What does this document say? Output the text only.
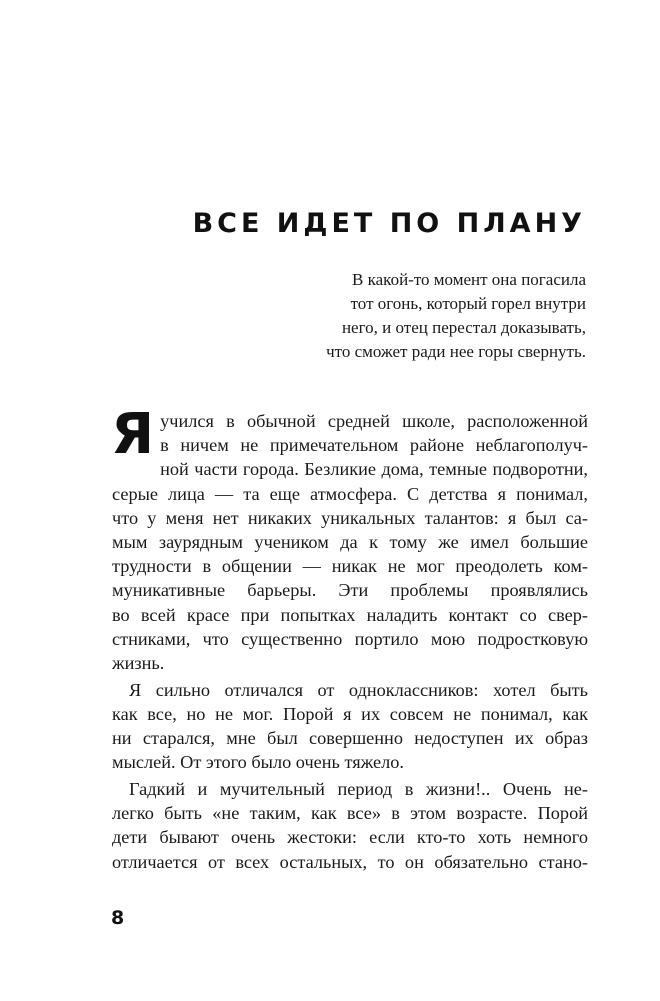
ВСЕ ИДЕТ ПО ПЛАНУ
В какой-то момент она погасила
тот огонь, который горел внутри
него, и отец перестал доказывать,
что сможет ради нее горы свернуть.
Я учился в обычной средней школе, расположенной
в ничем не примечательном районе неблагополуч-
ной части города. Безликие дома, темные подворотни,
серые лица — та еще атмосфера. С детства я понимал,
что у меня нет никаких уникальных талантов: я был са-
мым заурядным учеником да к тому же имел большие
трудности в общении — никак не мог преодолеть ком-
муникативные барьеры. Эти проблемы проявлялись
во всей красе при попытках наладить контакт со свер-
стниками, что существенно портило мою подростковую
жизнь.
Я сильно отличался от одноклассников: хотел быть
как все, но не мог. Порой я их совсем не понимал, как
ни старался, мне был совершенно недоступен их образ
мыслей. От этого было очень тяжело.
Гадкий и мучительный период в жизни!.. Очень не-
легко быть «не таким, как все» в этом возрасте. Порой
дети бывают очень жестоки: если кто-то хоть немного
отличается от всех остальных, то он обязательно стано-
8
